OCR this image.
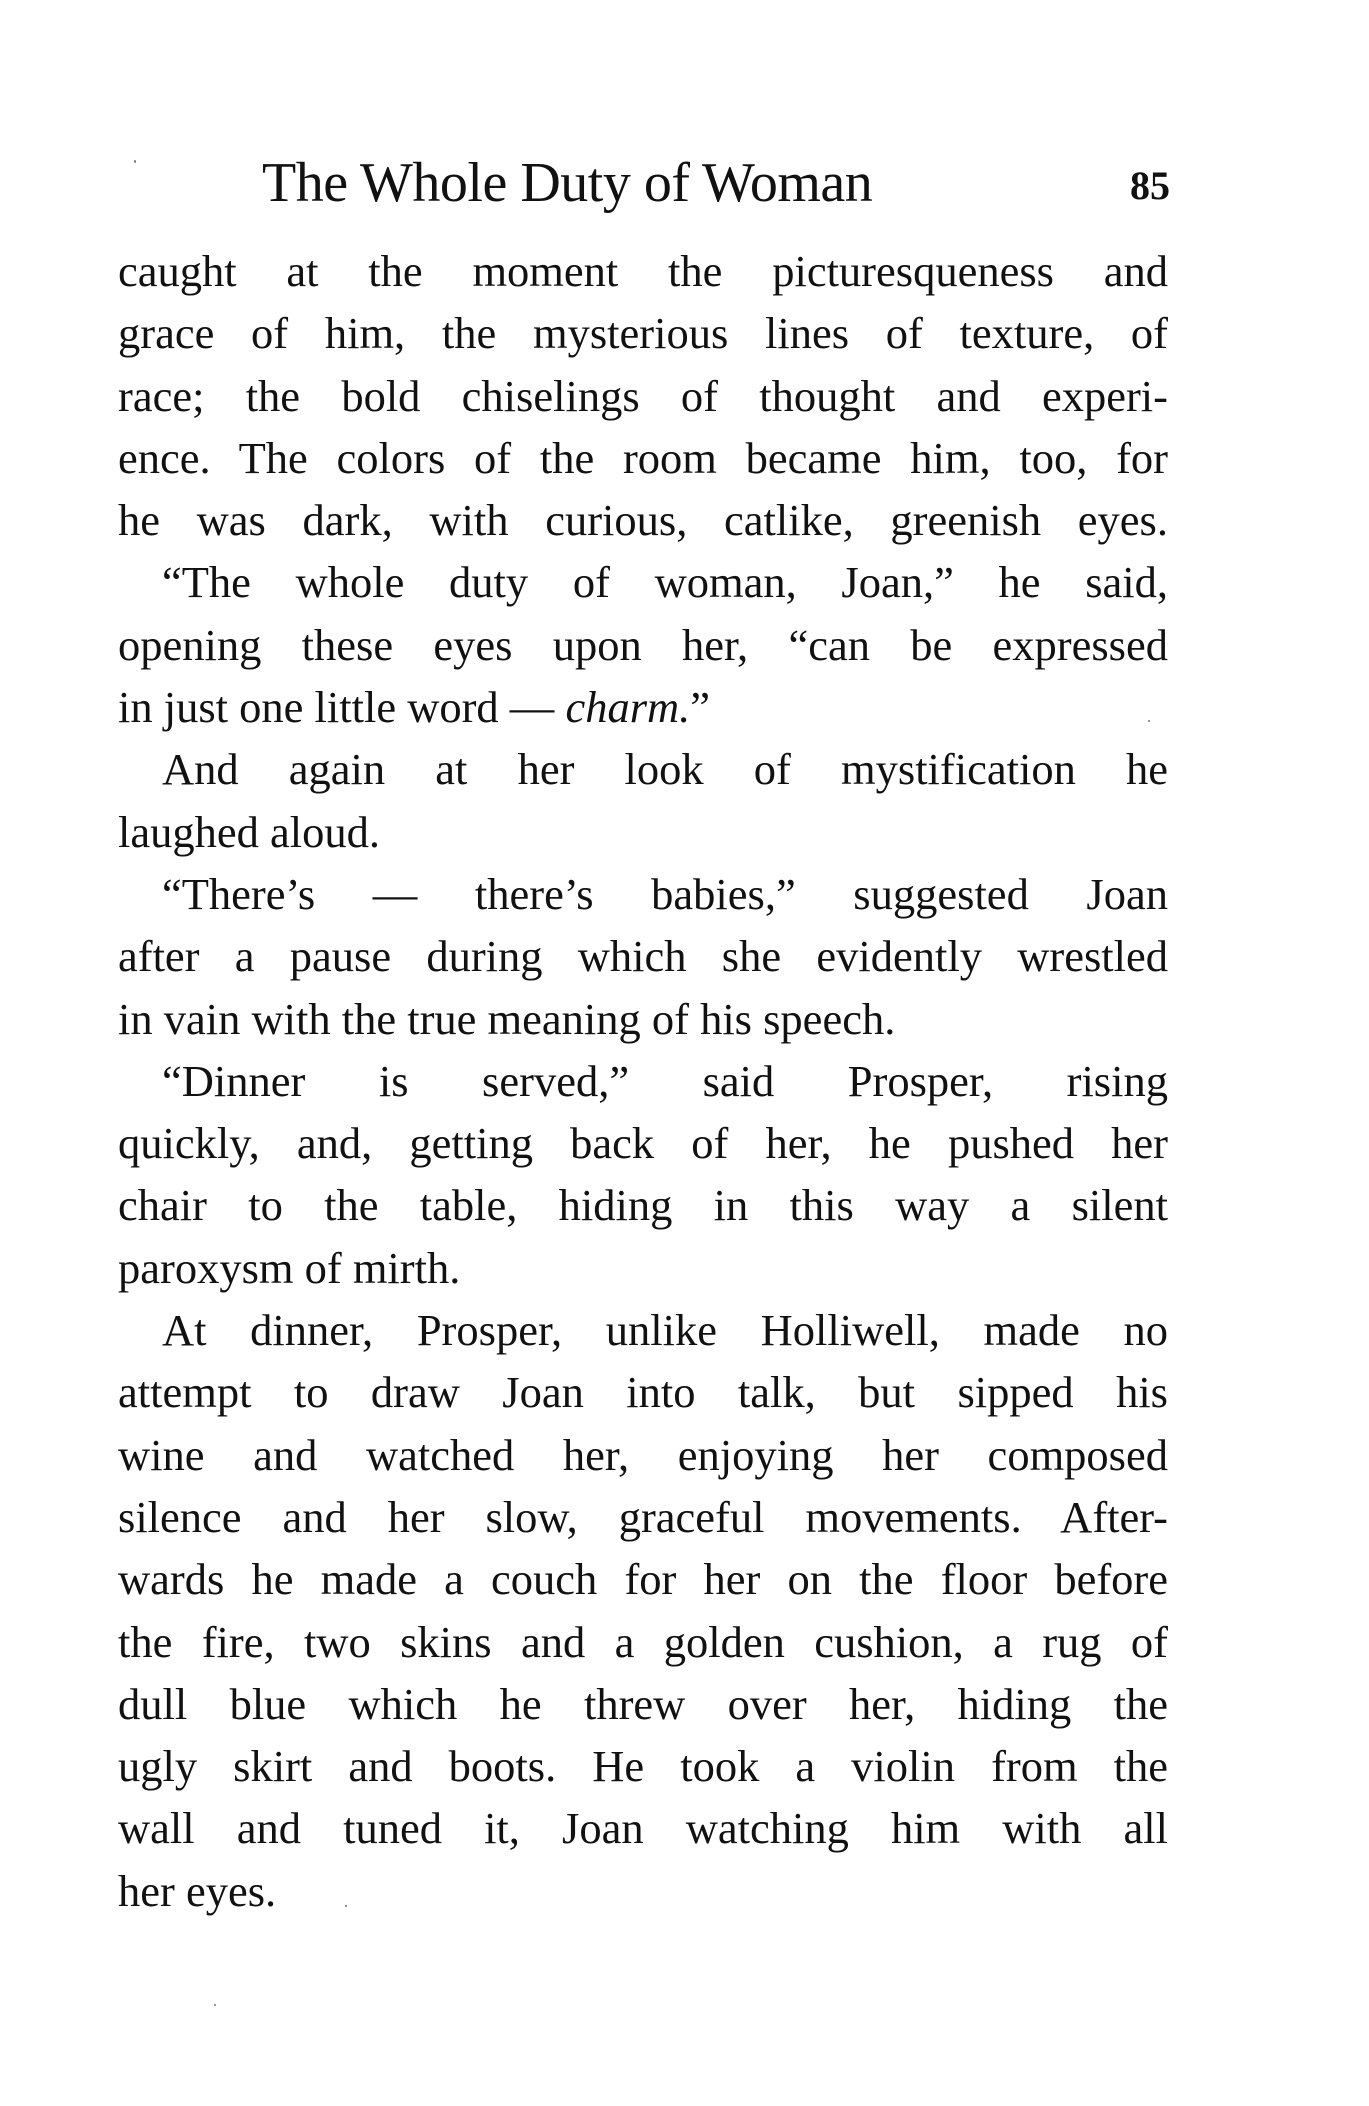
The Whole Duty of Woman	85
caught at the moment the picturesqueness and
grace of him, the mysterious lines of texture, of
race; the bold chiselings of thought and experi-
ence. The colors of the room became him, too, for
he was dark, with curious, catlike, greenish eyes.
“The whole duty of woman, Joan,” he said,
opening these eyes upon her, “can be expressed
in just one little word — charm.”
And again at her look of mystification he
laughed aloud.
“There’s — there’s babies,” suggested Joan
after a pause during which she evidently wrestled
in vain with the true meaning of his speech.
“Dinner is served,” said Prosper, rising
quickly, and, getting back of her, he pushed her
chair to the table, hiding in this way a silent
paroxysm of mirth.
At dinner, Prosper, unlike Holliwell, made no
attempt to draw Joan into talk, but sipped his
wine and watched her, enjoying her composed
silence and her slow, graceful movements. After-
wards he made a couch for her on the floor before
the fire, two skins and a golden cushion, a rug of
dull blue which he threw over her, hiding the
ugly skirt and boots. He took a violin from the
wall and tuned it, Joan watching him with all
her eyes.
